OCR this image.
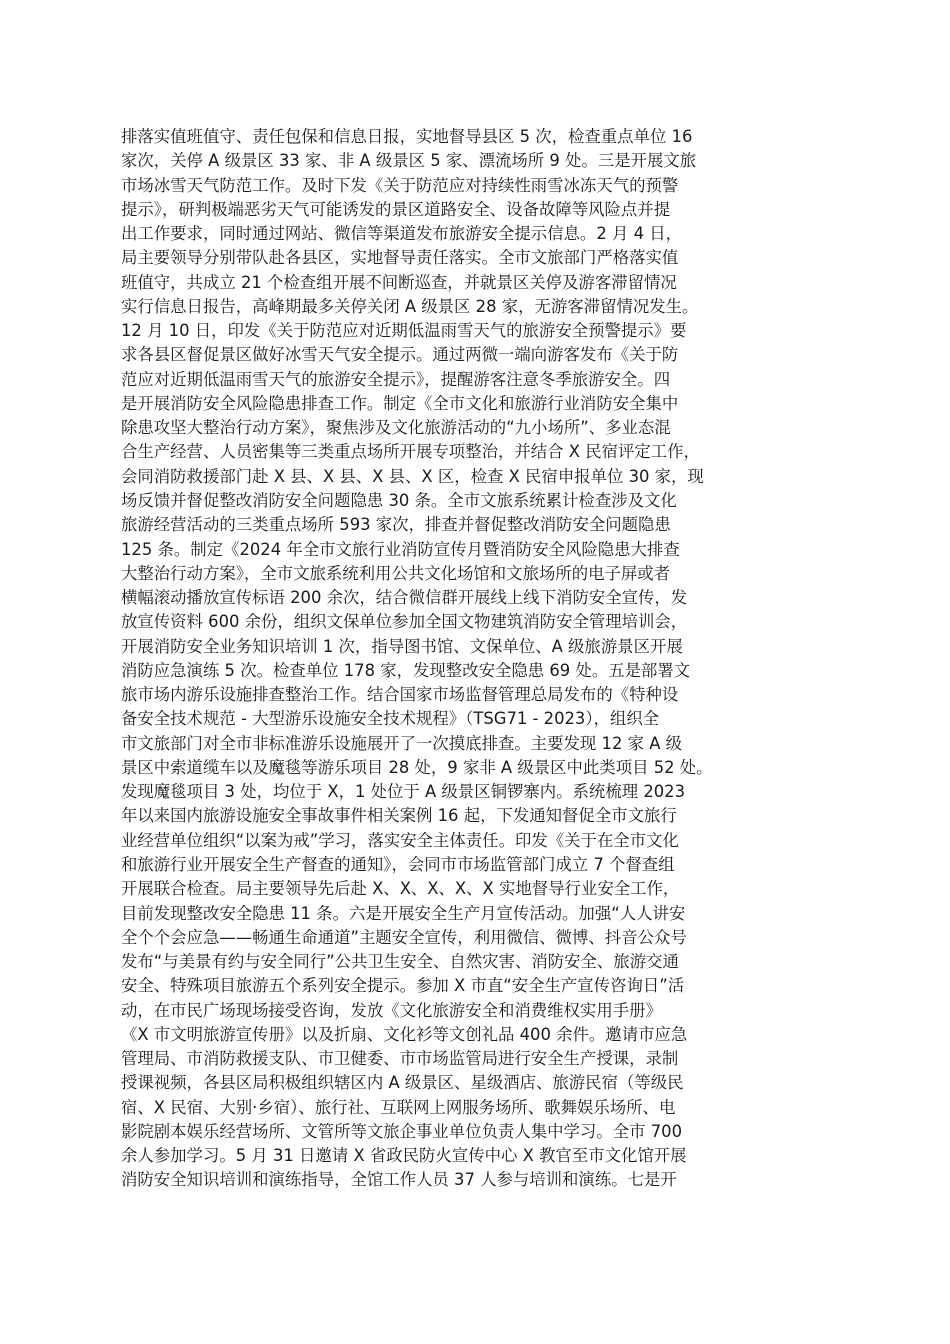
排落实值班值守、责任包保和信息日报，实地督导县区 5 次，检查重点单位 16
家次，关停 A 级景区 33 家、非 A 级景区 5 家、漂流场所 9 处。三是开展文旅
市场冰雪天气防范工作。及时下发《关于防范应对持续性雨雪冰冻天气的预警
提示》，研判极端恶劣天气可能诱发的景区道路安全、设备故障等风险点并提
出工作要求，同时通过网站、微信等渠道发布旅游安全提示信息。2 月 4 日，
局主要领导分别带队赴各县区，实地督导责任落实。全市文旅部门严格落实值
班值守，共成立 21 个检查组开展不间断巡查，并就景区关停及游客滞留情况
实行信息日报告，高峰期最多关停关闭 A 级景区 28 家，无游客滞留情况发生。
12 月 10 日，印发《关于防范应对近期低温雨雪天气的旅游安全预警提示》要
求各县区督促景区做好冰雪天气安全提示。通过两微一端向游客发布《关于防
范应对近期低温雨雪天气的旅游安全提示》，提醒游客注意冬季旅游安全。四
是开展消防安全风险隐患排查工作。制定《全市文化和旅游行业消防安全集中
除患攻坚大整治行动方案》，聚焦涉及文化旅游活动的“九小场所”、多业态混
合生产经营、人员密集等三类重点场所开展专项整治，并结合 X 民宿评定工作，
会同消防救援部门赴 X 县、X 县、X 县、X 区，检查 X 民宿申报单位 30 家，现
场反馈并督促整改消防安全问题隐患 30 条。全市文旅系统累计检查涉及文化
旅游经营活动的三类重点场所 593 家次，排查并督促整改消防安全问题隐患
125 条。制定《2024 年全市文旅行业消防宣传月暨消防安全风险隐患大排查
大整治行动方案》，全市文旅系统利用公共文化场馆和文旅场所的电子屏或者
横幅滚动播放宣传标语 200 余次，结合微信群开展线上线下消防安全宣传，发
放宣传资料 600 余份，组织文保单位参加全国文物建筑消防安全管理培训会，
开展消防安全业务知识培训 1 次，指导图书馆、文保单位、A 级旅游景区开展
消防应急演练 5 次。检查单位 178 家，发现整改安全隐患 69 处。五是部署文
旅市场内游乐设施排查整治工作。结合国家市场监督管理总局发布的《特种设
备安全技术规范 - 大型游乐设施安全技术规程》（TSG71 - 2023），组织全
市文旅部门对全市非标准游乐设施展开了一次摸底排查。主要发现 12 家 A 级
景区中索道缆车以及魔毯等游乐项目 28 处，9 家非 A 级景区中此类项目 52 处。
发现魔毯项目 3 处，均位于 X，1 处位于 A 级景区铜锣寨内。系统梳理 2023
年以来国内旅游设施安全事故事件相关案例 16 起，下发通知督促全市文旅行
业经营单位组织“以案为戒”学习，落实安全主体责任。印发《关于在全市文化
和旅游行业开展安全生产督查的通知》，会同市市场监管部门成立 7 个督查组
开展联合检查。局主要领导先后赴 X、X、X、X、X 实地督导行业安全工作，
目前发现整改安全隐患 11 条。六是开展安全生产月宣传活动。加强“人人讲安
全个个会应急——畅通生命通道”主题安全宣传，利用微信、微博、抖音公众号
发布“与美景有约与安全同行”公共卫生安全、自然灾害、消防安全、旅游交通
安全、特殊项目旅游五个系列安全提示。参加 X 市直“安全生产宣传咨询日”活
动，在市民广场现场接受咨询，发放《文化旅游安全和消费维权实用手册》
《X 市文明旅游宣传册》以及折扇、文化衫等文创礼品 400 余件。邀请市应急
管理局、市消防救援支队、市卫健委、市市场监管局进行安全生产授课，录制
授课视频，各县区局积极组织辖区内 A 级景区、星级酒店、旅游民宿（等级民
宿、X 民宿、大别·乡宿）、旅行社、互联网上网服务场所、歌舞娱乐场所、电
影院剧本娱乐经营场所、文管所等文旅企事业单位负责人集中学习。全市 700
余人参加学习。5 月 31 日邀请 X 省政民防火宣传中心 X 教官至市文化馆开展
消防安全知识培训和演练指导，全馆工作人员 37 人参与培训和演练。七是开
